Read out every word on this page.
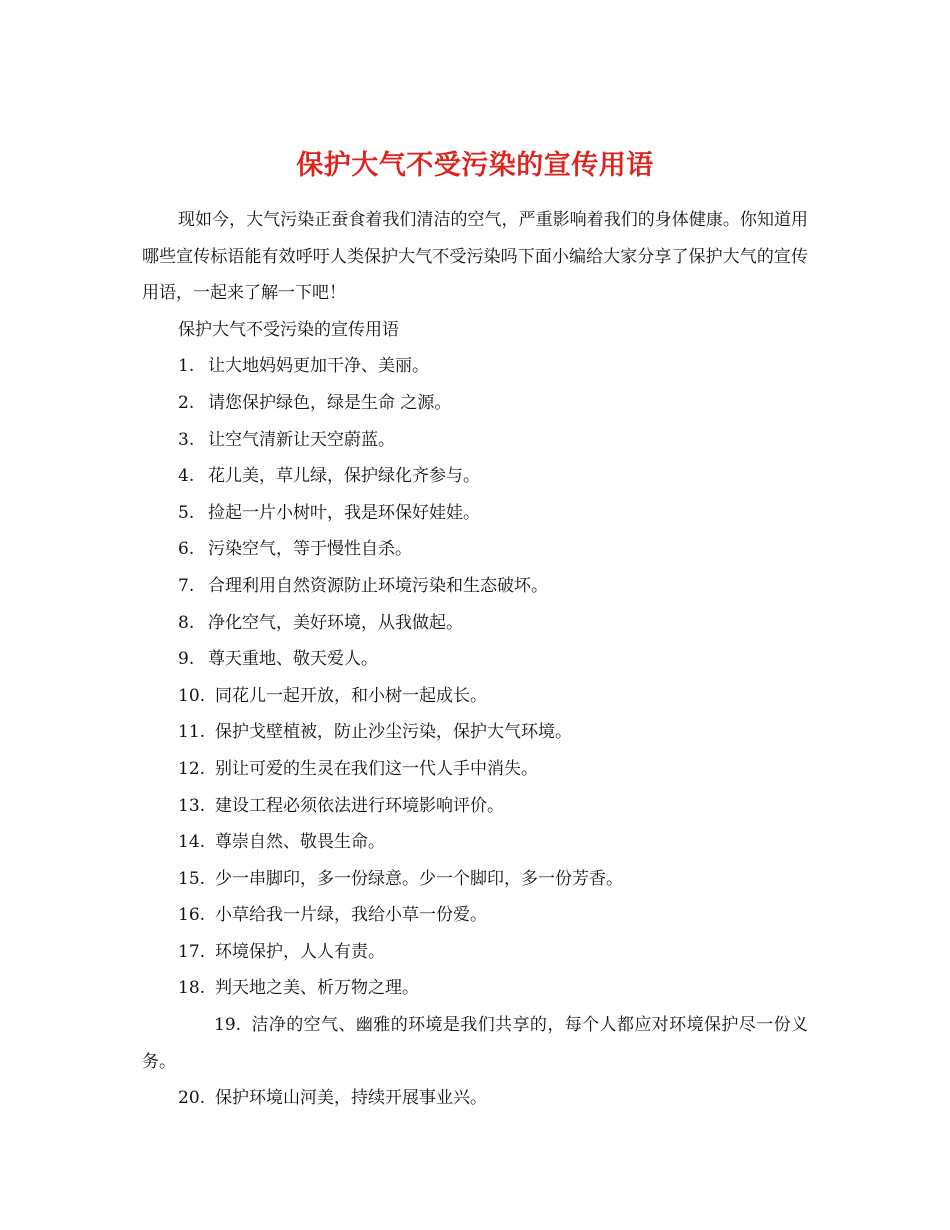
保护大气不受污染的宣传用语

现如今，大气污染正蚕食着我们清洁的空气，严重影响着我们的身体健康。你知道用哪些宣传标语能有效呼吁人类保护大气不受污染吗下面小编给大家分享了保护大气的宣传用语，一起来了解一下吧！

保护大气不受污染的宣传用语

1. 让大地妈妈更加干净、美丽。
2. 请您保护绿色，绿是生命 之源。
3. 让空气清新让天空蔚蓝。
4. 花儿美，草儿绿，保护绿化齐参与。
5. 捡起一片小树叶，我是环保好娃娃。
6. 污染空气，等于慢性自杀。
7. 合理利用自然资源防止环境污染和生态破坏。
8. 净化空气，美好环境，从我做起。
9. 尊天重地、敬天爱人。
10. 同花儿一起开放，和小树一起成长。
11. 保护戈壁植被，防止沙尘污染，保护大气环境。
12. 别让可爱的生灵在我们这一代人手中消失。
13. 建设工程必须依法进行环境影响评价。
14. 尊崇自然、敬畏生命。
15. 少一串脚印，多一份绿意。少一个脚印，多一份芳香。
16. 小草给我一片绿，我给小草一份爱。
17. 环境保护，人人有责。
18. 判天地之美、析万物之理。
19. 洁净的空气、幽雅的环境是我们共享的，每个人都应对环境保护尽一份义务。
20. 保护环境山河美，持续开展事业兴。
